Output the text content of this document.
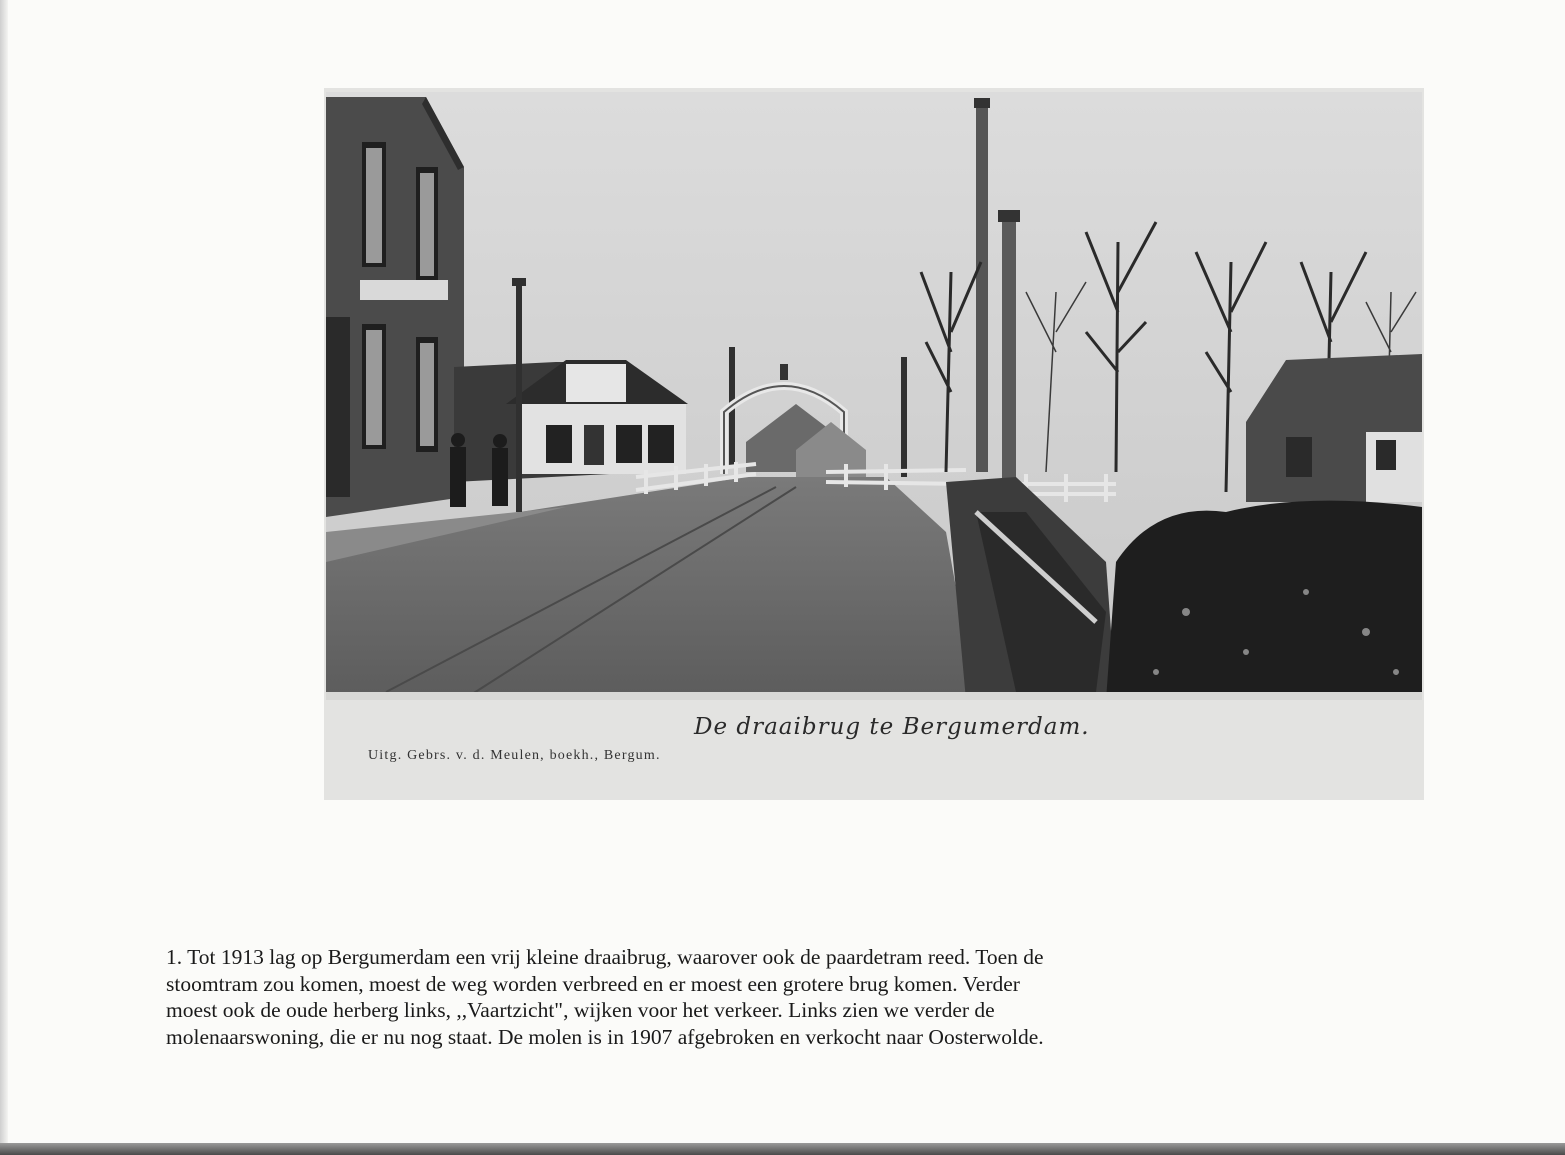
De draaibrug te Bergumerdam.
Uitg. Gebrs. v. d. Meulen, boekh., Bergum.
1. Tot 1913 lag op Bergumerdam een vrij kleine draaibrug, waarover ook de paardetram reed. Toen de
stoomtram zou komen, moest de weg worden verbreed en er moest een grotere brug komen. Verder
moest ook de oude herberg links, ,,Vaartzicht", wijken voor het verkeer. Links zien we verder de
molenaarswoning, die er nu nog staat. De molen is in 1907 afgebroken en verkocht naar Oosterwolde.
